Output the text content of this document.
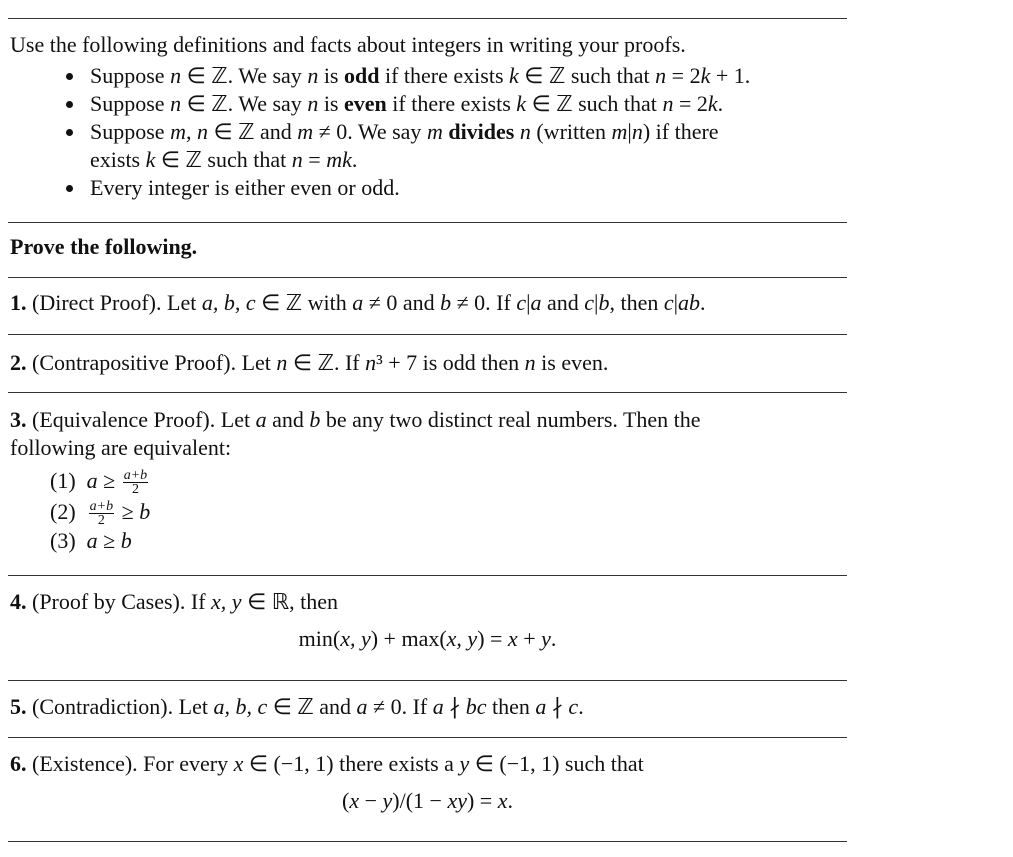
Use the following definitions and facts about integers in writing your proofs.
Suppose n ∈ ℤ. We say n is odd if there exists k ∈ ℤ such that n = 2k + 1.
Suppose n ∈ ℤ. We say n is even if there exists k ∈ ℤ such that n = 2k.
Suppose m, n ∈ ℤ and m ≠ 0. We say m divides n (written m|n) if there
exists k ∈ ℤ such that n = mk.
Every integer is either even or odd.
Prove the following.
1. (Direct Proof). Let a, b, c ∈ ℤ with a ≠ 0 and b ≠ 0. If c|a and c|b, then c|ab.
2. (Contrapositive Proof). Let n ∈ ℤ. If n³ + 7 is odd then n is even.
3. (Equivalence Proof). Let a and b be any two distinct real numbers. Then the
following are equivalent:
(1)  $a \ge \frac{a+b}{2}$
$(2) \frac{a+b}{2} \ge b$
(3)  a ≥ b
4. (Proof by Cases). If x, y ∈ ℝ, then
min(x, y) + max(x, y) = x + y.
5. (Contradiction). Let a, b, c ∈ ℤ and a ≠ 0. If a ∤ bc then a ∤ c.
6. (Existence). For every x ∈ (−1, 1) there exists a y ∈ (−1, 1) such that
(x − y)/(1 − xy) = x.
